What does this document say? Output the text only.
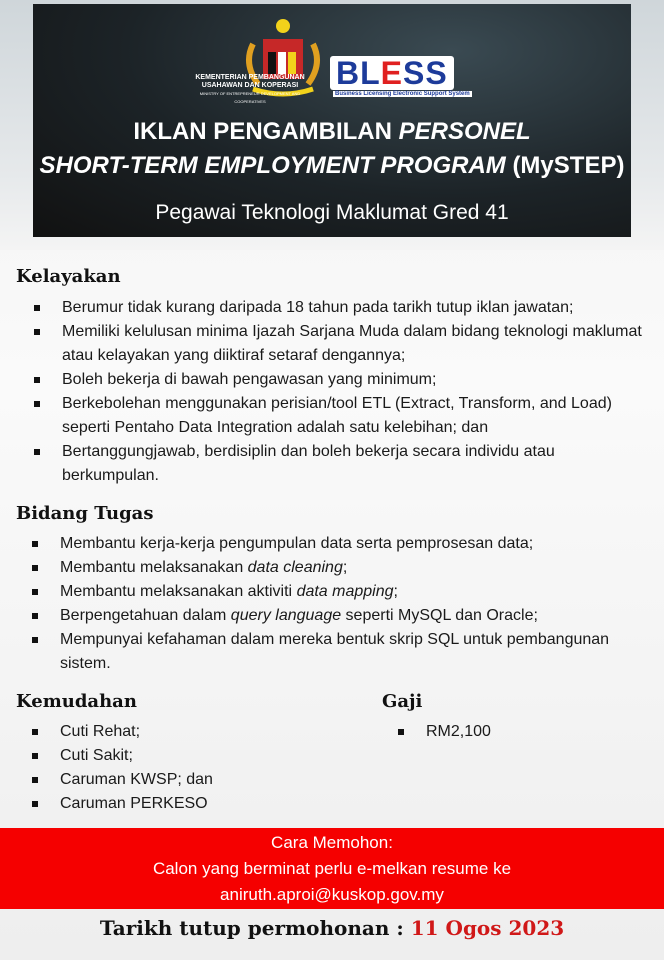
KEMENTERIAN PEMBANGUNAN
USAHAWAN DAN KOPERASI
MINISTRY OF ENTREPRENEUR DEVELOPMENT AND COOPERATIVES
BLESS
Business Licensing Electronic Support System
IKLAN PENGAMBILAN PERSONEL
SHORT-TERM EMPLOYMENT PROGRAM (MySTEP)
Pegawai Teknologi Maklumat Gred 41
Kelayakan
Berumur tidak kurang daripada 18 tahun pada tarikh tutup iklan jawatan;
Memiliki kelulusan minima Ijazah Sarjana Muda dalam bidang teknologi maklumat atau kelayakan yang diiktiraf setaraf dengannya;
Boleh bekerja di bawah pengawasan yang minimum;
Berkebolehan menggunakan perisian/tool ETL (Extract, Transform, and Load) seperti Pentaho Data Integration adalah satu kelebihan; dan
Bertanggungjawab, berdisiplin dan boleh bekerja secara individu atau berkumpulan.
Bidang Tugas
Membantu kerja-kerja pengumpulan data serta pemprosesan data;
Membantu melaksanakan data cleaning;
Membantu melaksanakan aktiviti data mapping;
Berpengetahuan dalam query language seperti MySQL dan Oracle;
Mempunyai kefahaman dalam mereka bentuk skrip SQL untuk pembangunan sistem.
Kemudahan
Cuti Rehat;
Cuti Sakit;
Caruman KWSP; dan
Caruman PERKESO
Gaji
RM2,100
Cara Memohon:
Calon yang berminat perlu e-melkan resume ke
aniruth.aproi@kuskop.gov.my
Tarikh tutup permohonan : 11 Ogos 2023
